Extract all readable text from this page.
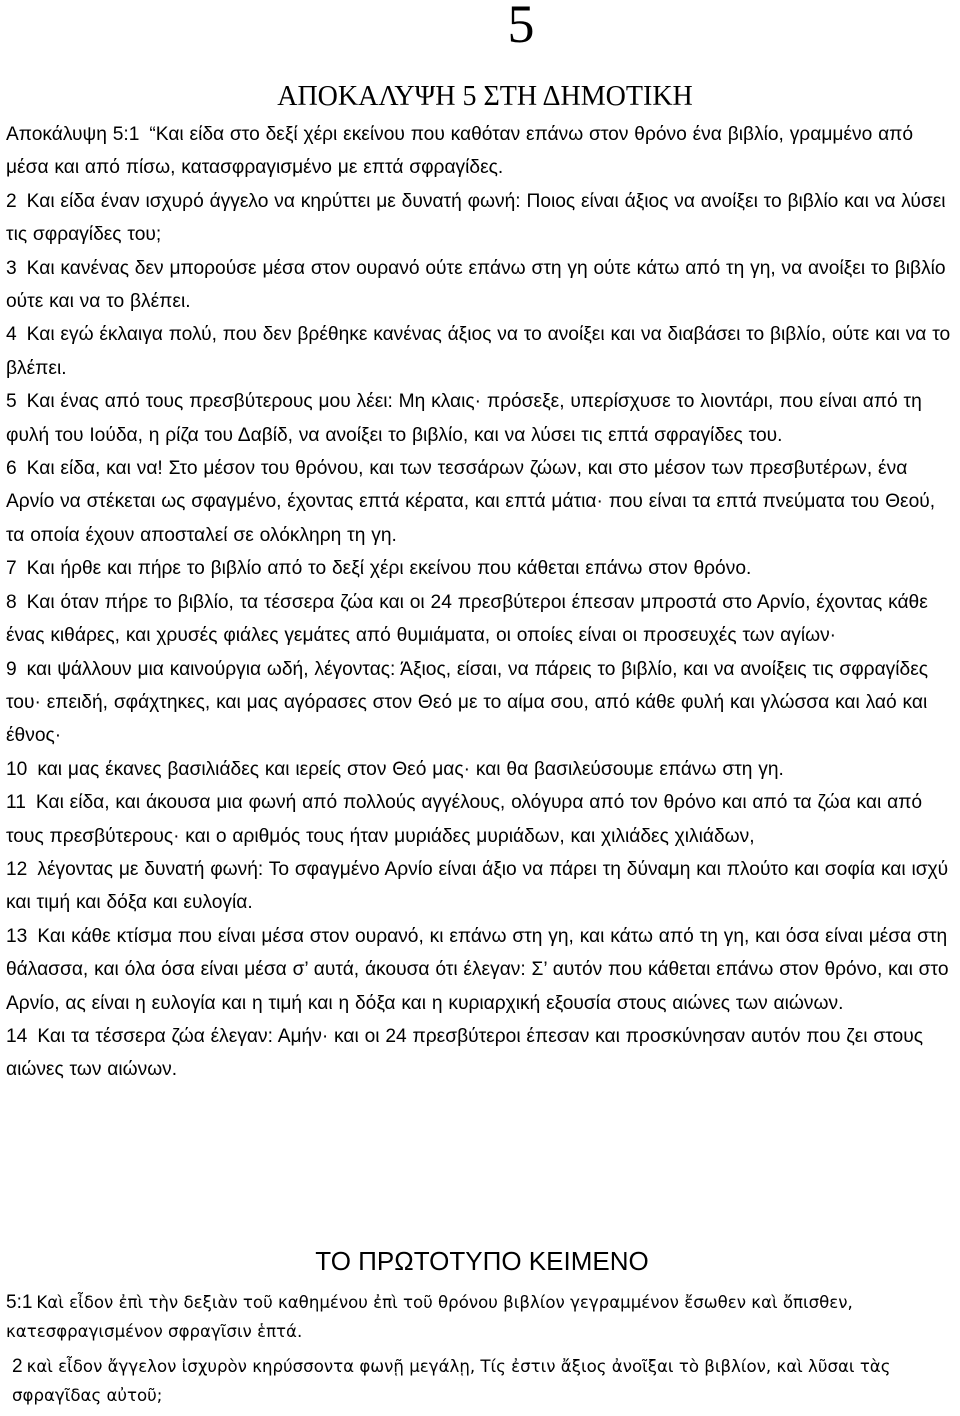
5
ΑΠΟΚΑΛΥΨΗ 5 ΣΤΗ ΔΗΜΟΤΙΚΗ

Αποκάλυψη 5:1 “Και είδα στο δεξί χέρι εκείνου που καθόταν επάνω στον θρόνο ένα βιβλίο, γραμμένο από μέσα και από πίσω, κατασφραγισμένο με επτά σφραγίδες.

2 Και είδα έναν ισχυρό άγγελο να κηρύττει με δυνατή φωνή: Ποιος είναι άξιος να ανοίξει το βιβλίο και να λύσει τις σφραγίδες του;

3 Και κανένας δεν μπορούσε μέσα στον ουρανό ούτε επάνω στη γη ούτε κάτω από τη γη, να ανοίξει το βιβλίο ούτε και να το βλέπει.

4 Και εγώ έκλαιγα πολύ, που δεν βρέθηκε κανένας άξιος να το ανοίξει και να διαβάσει το βιβλίο, ούτε και να το βλέπει.

5 Και ένας από τους πρεσβύτερους μου λέει: Μη κλαις· πρόσεξε, υπερίσχυσε το λιοντάρι, που είναι από τη φυλή του Ιούδα, η ρίζα του Δαβίδ, να ανοίξει το βιβλίο, και να λύσει τις επτά σφραγίδες του.

6 Και είδα, και να! Στο μέσον του θρόνου, και των τεσσάρων ζώων, και στο μέσον των πρεσβυτέρων, ένα Αρνίο να στέκεται ως σφαγμένο, έχοντας επτά κέρατα, και επτά μάτια· που είναι τα επτά πνεύματα του Θεού, τα οποία έχουν αποσταλεί σε ολόκληρη τη γη.

7 Και ήρθε και πήρε το βιβλίο από το δεξί χέρι εκείνου που κάθεται επάνω στον θρόνο.

8 Και όταν πήρε το βιβλίο, τα τέσσερα ζώα και οι 24 πρεσβύτεροι έπεσαν μπροστά στο Αρνίο, έχοντας κάθε ένας κιθάρες, και χρυσές φιάλες γεμάτες από θυμιάματα, οι οποίες είναι οι προσευχές των αγίων·

9 και ψάλλουν μια καινούργια ωδή, λέγοντας: Άξιος, είσαι, να πάρεις το βιβλίο, και να ανοίξεις τις σφραγίδες του· επειδή, σφάχτηκες, και μας αγόρασες στον Θεό με το αίμα σου, από κάθε φυλή και γλώσσα και λαό και έθνος·

10 και μας έκανες βασιλιάδες και ιερείς στον Θεό μας· και θα βασιλεύσουμε επάνω στη γη.

11 Και είδα, και άκουσα μια φωνή από πολλούς αγγέλους, ολόγυρα από τον θρόνο και από τα ζώα και από τους πρεσβύτερους· και ο αριθμός τους ήταν μυριάδες μυριάδων, και χιλιάδες χιλιάδων,

12 λέγοντας με δυνατή φωνή: Το σφαγμένο Αρνίο είναι άξιο να πάρει τη δύναμη και πλούτο και σοφία και ισχύ και τιμή και δόξα και ευλογία.

13 Και κάθε κτίσμα που είναι μέσα στον ουρανό, κι επάνω στη γη, και κάτω από τη γη, και όσα είναι μέσα στη θάλασσα, και όλα όσα είναι μέσα σ’ αυτά, άκουσα ότι έλεγαν: Σ’ αυτόν που κάθεται επάνω στον θρόνο, και στο Αρνίο, ας είναι η ευλογία και η τιμή και η δόξα και η κυριαρχική εξουσία στους αιώνες των αιώνων.

14 Και τα τέσσερα ζώα έλεγαν: Αμήν· και οι 24 πρεσβύτεροι έπεσαν και προσκύνησαν αυτόν που ζει στους αιώνες των αιώνων.

ΤΟ ΠΡΩΤΟΤΥΠΟ ΚΕΙΜΕΝΟ

5:1 Καὶ εἶδον ἐπὶ τὴν δεξιὰν τοῦ καθημένου ἐπὶ τοῦ θρόνου βιβλίον γεγραμμένον ἔσωθεν καὶ ὄπισθεν, κατεσφραγισμένον σφραγῖσιν ἑπτά.

2 καὶ εἶδον ἄγγελον ἰσχυρὸν κηρύσσοντα φωνῇ μεγάλῃ, Τίς ἐστιν ἄξιος ἀνοῖξαι τὸ βιβλίον, καὶ λῦσαι τὰς σφραγῖδας αὐτοῦ;
